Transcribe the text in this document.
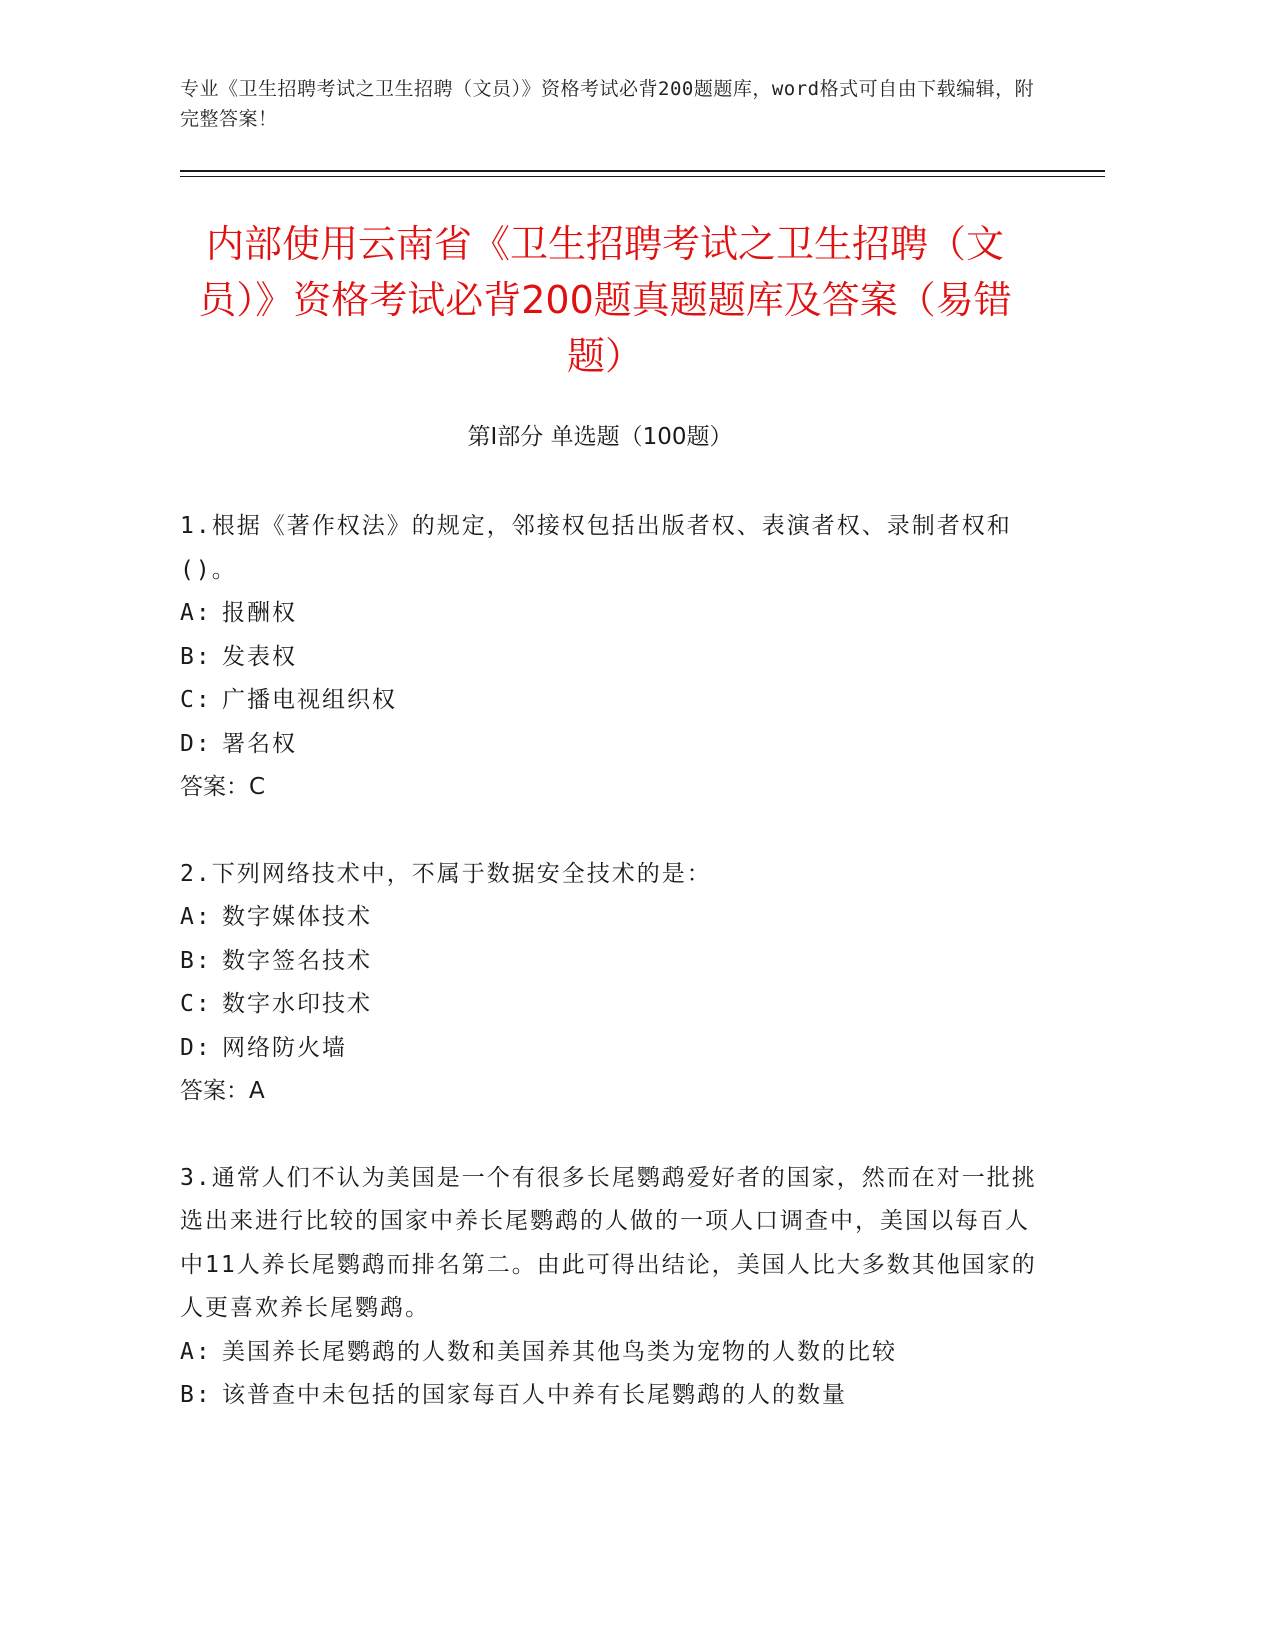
专业《卫生招聘考试之卫生招聘（文员）》资格考试必背200题题库，word格式可自由下载编辑，附完整答案！
内部使用云南省《卫生招聘考试之卫生招聘（文员）》资格考试必背200题真题题库及答案（易错题）
第Ⅰ部分 单选题（100题）
1.根据《著作权法》的规定，邻接权包括出版者权、表演者权、录制者权和()。
A: 报酬权
B: 发表权
C: 广播电视组织权
D: 署名权
答案：C
2.下列网络技术中，不属于数据安全技术的是：
A: 数字媒体技术
B: 数字签名技术
C: 数字水印技术
D: 网络防火墙
答案：A
3.通常人们不认为美国是一个有很多长尾鹦鹉爱好者的国家，然而在对一批挑选出来进行比较的国家中养长尾鹦鹉的人做的一项人口调查中，美国以每百人中11人养长尾鹦鹉而排名第二。由此可得出结论，美国人比大多数其他国家的人更喜欢养长尾鹦鹉。
A: 美国养长尾鹦鹉的人数和美国养其他鸟类为宠物的人数的比较
B: 该普查中未包括的国家每百人中养有长尾鹦鹉的人的数量
